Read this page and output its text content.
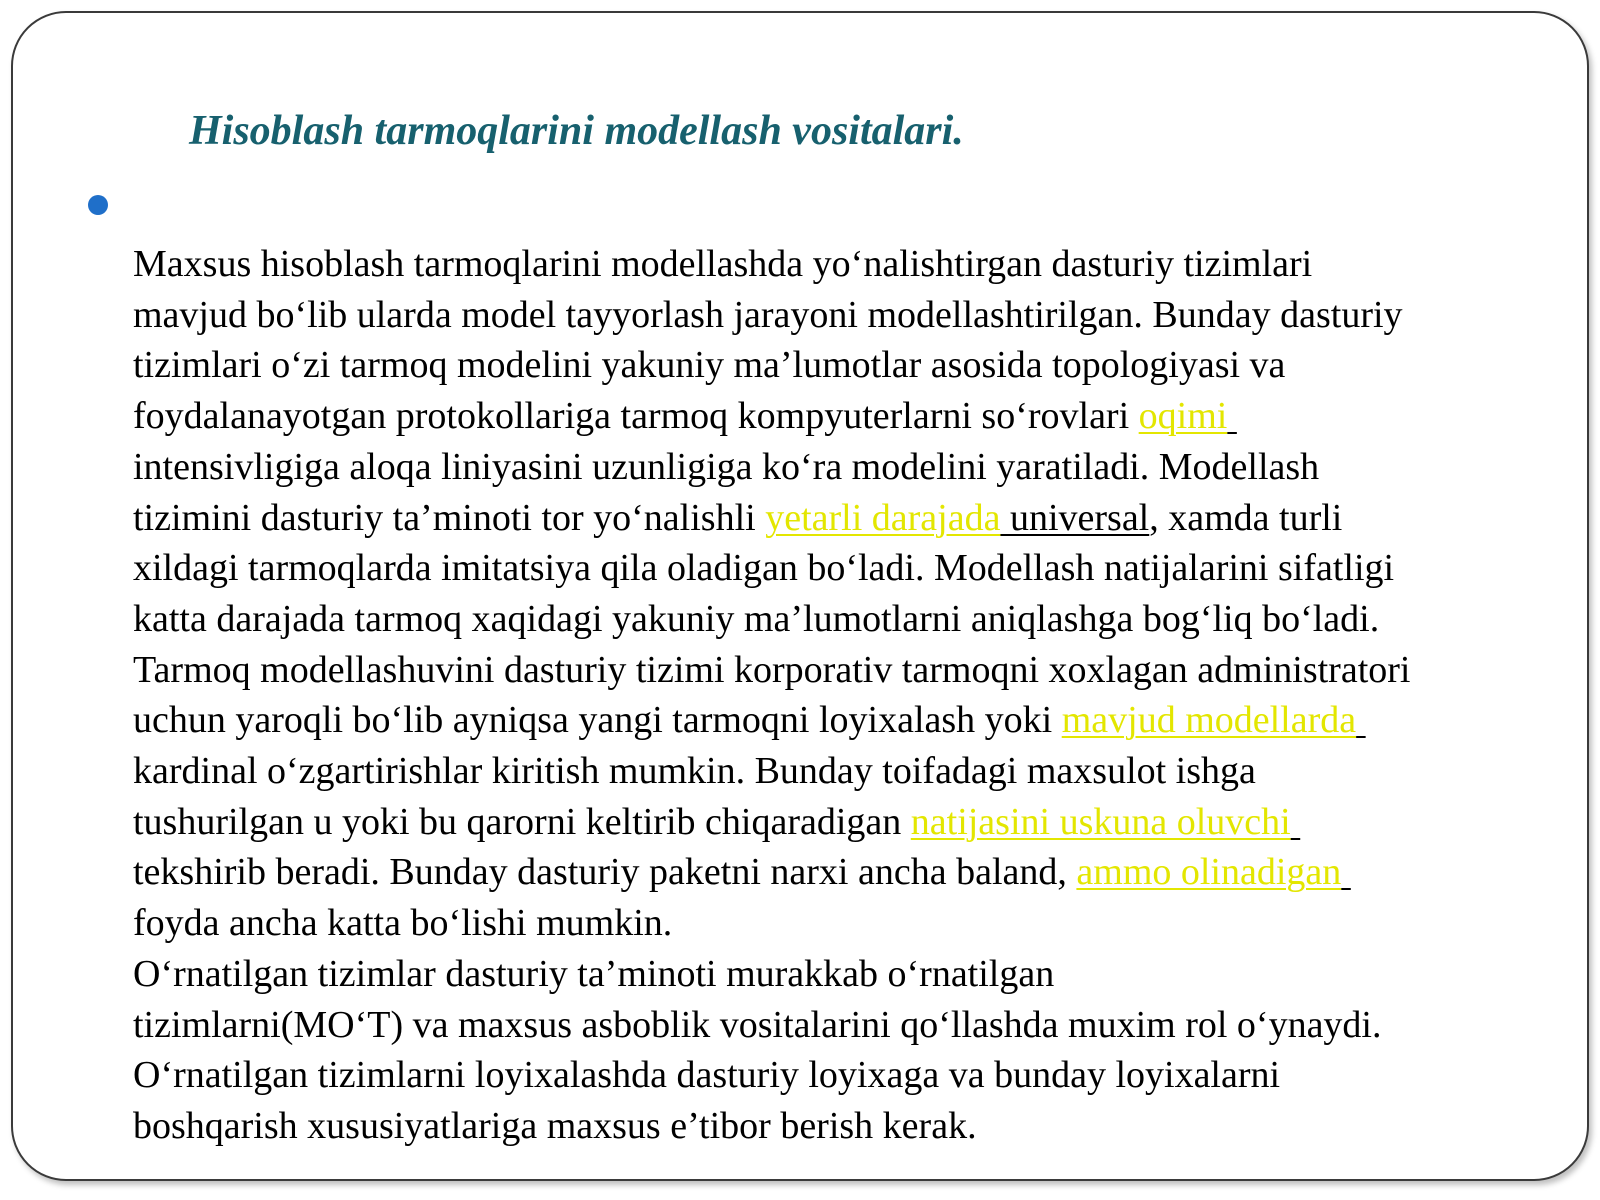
Hisoblash tarmoqlarini modellash vositalari.
Maxsus hisoblash tarmoqlarini modellashda yo‘nalishtirgan dasturiy tizimlari
mavjud bo‘lib ularda model tayyorlash jarayoni modellashtirilgan. Bunday dasturiy
tizimlari o‘zi tarmoq modelini yakuniy ma’lumotlar asosida topologiyasi va
foydalanayotgan protokollariga tarmoq kompyuterlarni so‘rovlari oqimi
intensivligiga aloqa liniyasini uzunligiga ko‘ra modelini yaratiladi. Modellash
tizimini dasturiy ta’minoti tor yo‘nalishli yetarli darajada universal, xamda turli
xildagi tarmoqlarda imitatsiya qila oladigan bo‘ladi. Modellash natijalarini sifatligi
katta darajada tarmoq xaqidagi yakuniy ma’lumotlarni aniqlashga bog‘liq bo‘ladi.
Tarmoq modellashuvini dasturiy tizimi korporativ tarmoqni xoxlagan administratori
uchun yaroqli bo‘lib ayniqsa yangi tarmoqni loyixalash yoki mavjud modellarda
kardinal o‘zgartirishlar kiritish mumkin. Bunday toifadagi maxsulot ishga
tushurilgan u yoki bu qarorni keltirib chiqaradigan natijasini uskuna oluvchi
tekshirib beradi. Bunday dasturiy paketni narxi ancha baland, ammo olinadigan
foyda ancha katta bo‘lishi mumkin.
O‘rnatilgan tizimlar dasturiy ta’minoti murakkab o‘rnatilgan
tizimlarni(MO‘T) va maxsus asboblik vositalarini qo‘llashda muxim rol o‘ynaydi.
O‘rnatilgan tizimlarni loyixalashda dasturiy loyixaga va bunday loyixalarni
boshqarish xususiyatlariga maxsus e’tibor berish kerak.
